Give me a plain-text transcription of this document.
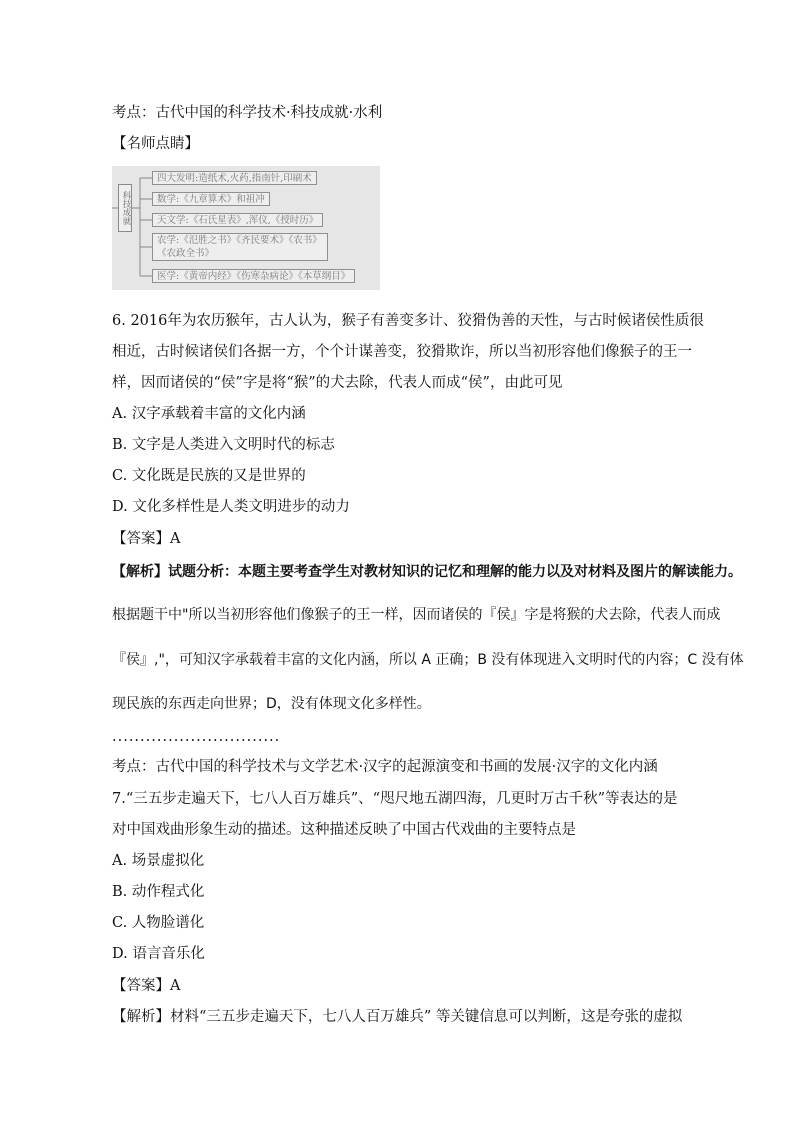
考点：古代中国的科学技术·科技成就·水利
【名师点睛】
科技成就
四大发明:造纸术,火药,指南针,印刷术
数学:《九章算术》和祖冲
天文学:《石氏星表》,浑仪,《授时历》
农学:《氾胜之书》《齐民要术》《农书》《农政全书》
医学:《黄帝内经》《伤寒杂病论》《本草纲目》
6. 2016年为农历猴年，古人认为，猴子有善变多计、狡猾伪善的天性，与古时候诸侯性质很
相近，古时候诸侯们各据一方，个个计谋善变，狡猾欺诈，所以当初形容他们像猴子的王一
样，因而诸侯的“侯”字是将“猴”的犬去除，代表人而成“侯”，由此可见
A. 汉字承载着丰富的文化内涵
B. 文字是人类进入文明时代的标志
C. 文化既是民族的又是世界的
D. 文化多样性是人类文明进步的动力
【答案】A
【解析】试题分析：本题主要考查学生对教材知识的记忆和理解的能力以及对材料及图片的解读能力。
根据题干中"所以当初形容他们像猴子的王一样，因而诸侯的『侯』字是将猴的犬去除，代表人而成
『侯』,"，可知汉字承载着丰富的文化内涵，所以 A 正确；B 没有体现进入文明时代的内容；C 没有体
现民族的东西走向世界；D，没有体现文化多样性。
..............................
考点：古代中国的科学技术与文学艺术·汉字的起源演变和书画的发展·汉字的文化内涵
7.“三五步走遍天下，七八人百万雄兵”、“咫尺地五湖四海，几更时万古千秋”等表达的是
对中国戏曲形象生动的描述。这种描述反映了中国古代戏曲的主要特点是
A. 场景虚拟化
B. 动作程式化
C. 人物脸谱化
D. 语言音乐化
【答案】A
【解析】材料“三五步走遍天下，七八人百万雄兵” 等关键信息可以判断，这是夸张的虚拟
